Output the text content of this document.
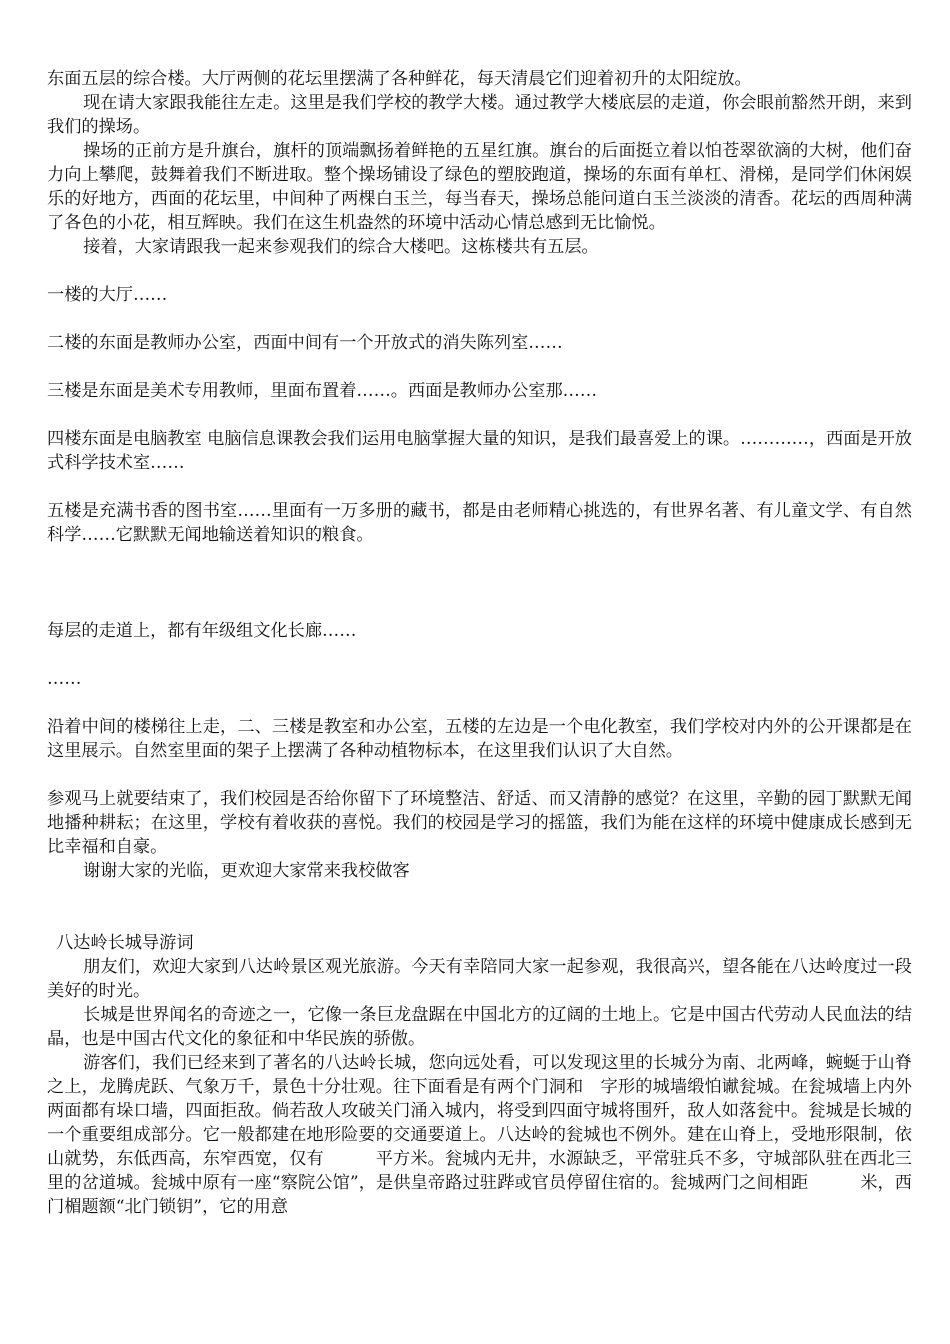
东面五层的综合楼。大厅两侧的花坛里摆满了各种鲜花，每天清晨它们迎着初升的太阳绽放。

现在请大家跟我能往左走。这里是我们学校的教学大楼。通过教学大楼底层的走道，你会眼前豁然开朗，来到我们的操场。

操场的正前方是升旗台，旗杆的顶端飘扬着鲜艳的五星红旗。旗台的后面挺立着以怕苍翠欲滴的大树，他们奋力向上攀爬，鼓舞着我们不断进取。整个操场铺设了绿色的塑胶跑道，操场的东面有单杠、滑梯，是同学们休闲娱乐的好地方，西面的花坛里，中间种了两棵白玉兰，每当春天，操场总能问道白玉兰淡淡的清香。花坛的西周种满了各色的小花，相互辉映。我们在这生机盎然的环境中活动心情总感到无比愉悦。

接着，大家请跟我一起来参观我们的综合大楼吧。这栋楼共有五层。

一楼的大厅……

二楼的东面是教师办公室，西面中间有一个开放式的消失陈列室……

三楼是东面是美术专用教师，里面布置着……。西面是教师办公室那……

四楼东面是电脑教室 电脑信息课教会我们运用电脑掌握大量的知识，是我们最喜爱上的课。…………，西面是开放式科学技术室……

五楼是充满书香的图书室……里面有一万多册的藏书，都是由老师精心挑选的，有世界名著、有儿童文学、有自然科学……它默默无闻地输送着知识的粮食。

每层的走道上，都有年级组文化长廊……

……

沿着中间的楼梯往上走，二、三楼是教室和办公室，五楼的左边是一个电化教室，我们学校对内外的公开课都是在这里展示。自然室里面的架子上摆满了各种动植物标本，在这里我们认识了大自然。

参观马上就要结束了，我们校园是否给你留下了环境整洁、舒适、而又清静的感觉？在这里，辛勤的园丁默默无闻地播种耕耘；在这里，学校有着收获的喜悦。我们的校园是学习的摇篮，我们为能在这样的环境中健康成长感到无比幸福和自豪。

谢谢大家的光临，更欢迎大家常来我校做客

八达岭长城导游词

朋友们，欢迎大家到八达岭景区观光旅游。今天有幸陪同大家一起参观，我很高兴，望各能在八达岭度过一段美好的时光。

长城是世界闻名的奇迹之一，它像一条巨龙盘踞在中国北方的辽阔的土地上。它是中国古代劳动人民血法的结晶，也是中国古代文化的象征和中华民族的骄傲。

游客们，我们已经来到了著名的八达岭长城，您向远处看，可以发现这里的长城分为南、北两峰，蜿蜒于山脊之上，龙腾虎跃、气象万千，景色十分壮观。往下面看是有两个门洞和　字形的城墙缎怕谳瓮城。在瓮城墙上内外两面都有垛口墙，四面拒敌。倘若敌人攻破关门涌入城内，将受到四面守城将围歼，敌人如落瓮中。瓮城是长城的一个重要组成部分。它一般都建在地形险要的交通要道上。八达岭的瓮城也不例外。建在山脊上，受地形限制，依山就势，东低西高，东窄西宽，仅有　　　平方米。瓮城内无井，水源缺乏，平常驻兵不多，守城部队驻在西北三里的岔道城。瓮城中原有一座“察院公馆”，是供皇帝路过驻跸或官员停留住宿的。瓮城两门之间相距　　　米，西门楣题额“北门锁钥”，它的用意
